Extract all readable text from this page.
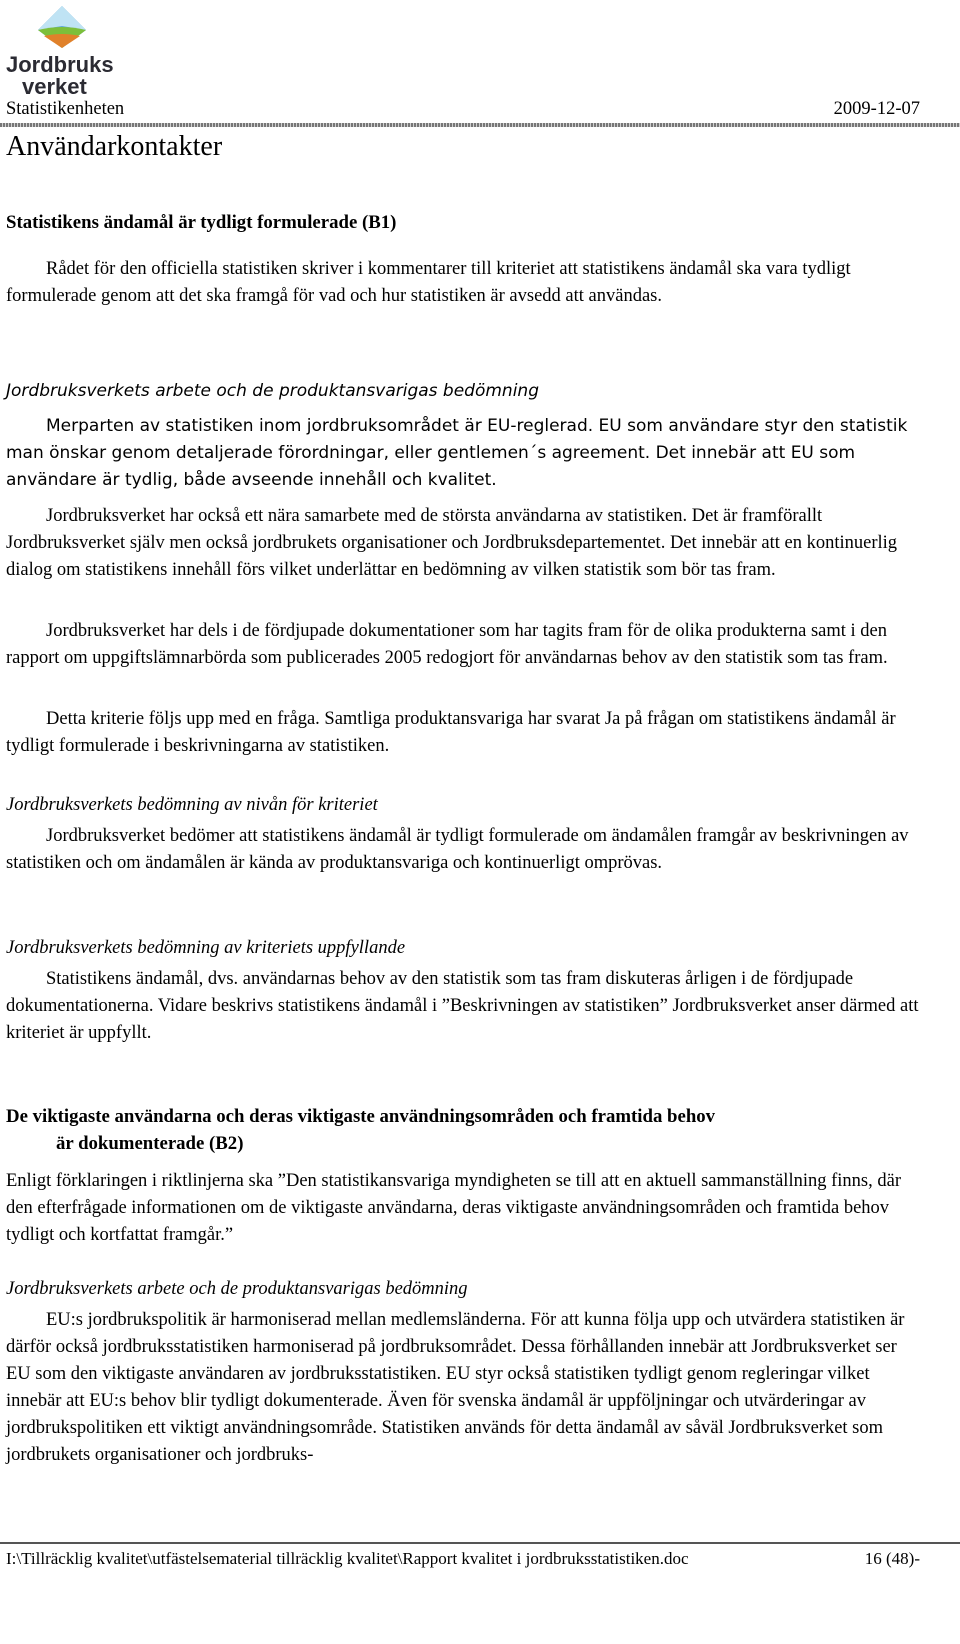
Jordbruks
verket
Statistikenheten	2009-12-07
Användarkontakter

Statistikens ändamål är tydligt formulerade (B1)

Rådet för den officiella statistiken skriver i kommentarer till kriteriet att statistikens ändamål ska vara tydligt formulerade genom att det ska framgå för vad och hur statistiken är avsedd att användas.

Jordbruksverkets arbete och de produktansvarigas bedömning

Merparten av statistiken inom jordbruksområdet är EU-reglerad. EU som användare styr den statistik man önskar genom detaljerade förordningar, eller gentlemen´s agreement. Det innebär att EU som användare är tydlig, både avseende innehåll och kvalitet.

Jordbruksverket har också ett nära samarbete med de största användarna av statistiken. Det är framförallt Jordbruksverket själv men också jordbrukets organisationer och Jordbruksdepartementet. Det innebär att en kontinuerlig dialog om statistikens innehåll förs vilket underlättar en bedömning av vilken statistik som bör tas fram.

Jordbruksverket har dels i de fördjupade dokumentationer som har tagits fram för de olika produkterna samt i den rapport om uppgiftslämnarbörda som publicerades 2005 redogjort för användarnas behov av den statistik som tas fram.

Detta kriterie följs upp med en fråga. Samtliga produktansvariga har svarat Ja på frågan om statistikens ändamål är tydligt formulerade i beskrivningarna av statistiken.

Jordbruksverkets bedömning av nivån för kriteriet

Jordbruksverket bedömer att statistikens ändamål är tydligt formulerade om ändamålen framgår av beskrivningen av statistiken och om ändamålen är kända av produktansvariga och kontinuerligt omprövas.

Jordbruksverkets bedömning av kriteriets uppfyllande

Statistikens ändamål, dvs. användarnas behov av den statistik som tas fram diskuteras årligen i de fördjupade dokumentationerna. Vidare beskrivs statistikens ändamål i ”Beskrivningen av statistiken” Jordbruksverket anser därmed att kriteriet är uppfyllt.

De viktigaste användarna och deras viktigaste användningsområden och framtida behov
är dokumenterade (B2)

Enligt förklaringen i riktlinjerna ska ”Den statistikansvariga myndigheten se till att en aktuell sammanställning finns, där den efterfrågade informationen om de viktigaste användarna, deras viktigaste användningsområden och framtida behov tydligt och kortfattat framgår.”

Jordbruksverkets arbete och de produktansvarigas bedömning

EU:s jordbrukspolitik är harmoniserad mellan medlemsländerna. För att kunna följa upp och utvärdera statistiken är därför också jordbruksstatistiken harmoniserad på jordbruksområdet. Dessa förhållanden innebär att Jordbruksverket ser EU som den viktigaste användaren av jordbruksstatistiken. EU styr också statistiken tydligt genom regleringar vilket innebär att EU:s behov blir tydligt dokumenterade. Även för svenska ändamål är uppföljningar och utvärderingar av jordbrukspolitiken ett viktigt användningsområde. Statistiken används för detta ändamål av såväl Jordbruksverket som jordbrukets organisationer och jordbruks-

I:\Tillräcklig kvalitet\utfästelsematerial tillräcklig kvalitet\Rapport kvalitet i jordbruksstatistiken.doc	16 (48)-
